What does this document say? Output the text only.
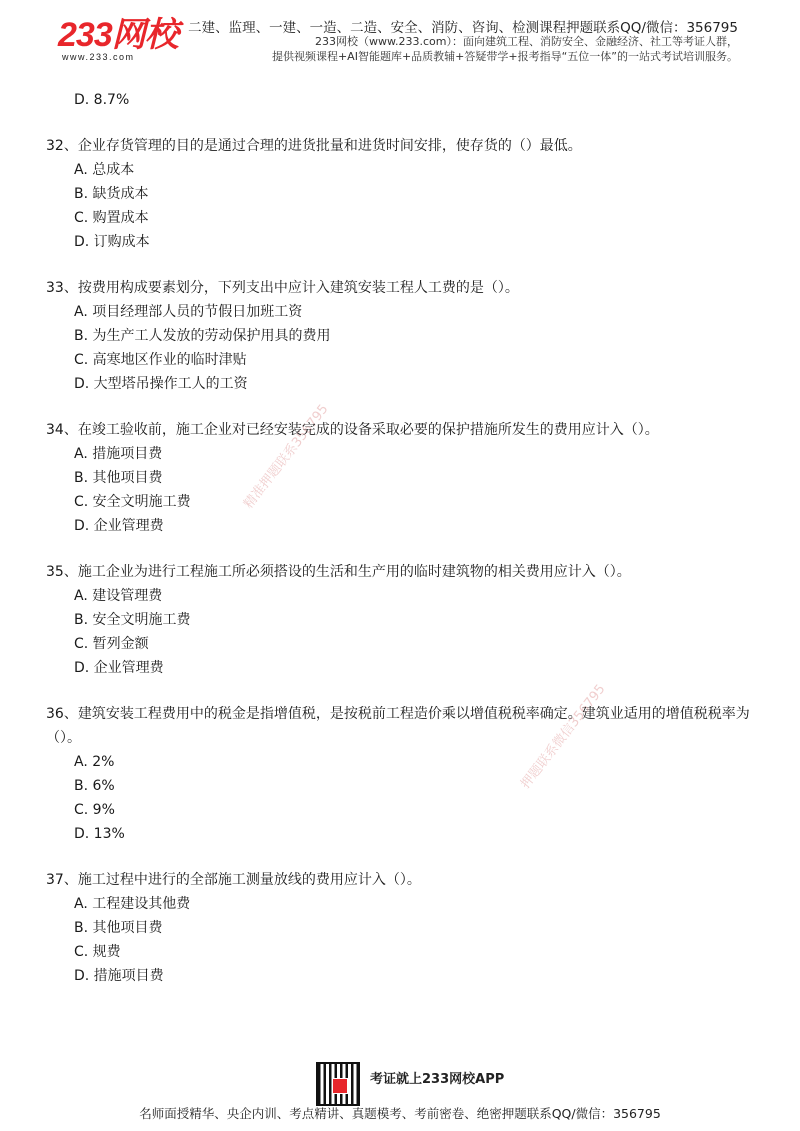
233网校
www.233.com
二建、监理、一建、一造、二造、安全、消防、咨询、检测课程押题联系QQ/微信：356795
233网校（www.233.com）：面向建筑工程、消防安全、金融经济、社工等考证人群，
提供视频课程+AI智能题库+品质教辅+答疑带学+报考指导“五位一体”的一站式考试培训服务。
精准押题联系356795
押题联系微信356795
D. 8.7%
32、企业存货管理的目的是通过合理的进货批量和进货时间安排，使存货的（）最低。
A. 总成本
B. 缺货成本
C. 购置成本
D. 订购成本
33、按费用构成要素划分，下列支出中应计入建筑安装工程人工费的是（）。
A. 项目经理部人员的节假日加班工资
B. 为生产工人发放的劳动保护用具的费用
C. 高寒地区作业的临时津贴
D. 大型塔吊操作工人的工资
34、在竣工验收前，施工企业对已经安装完成的设备采取必要的保护措施所发生的费用应计入（）。
A. 措施项目费
B. 其他项目费
C. 安全文明施工费
D. 企业管理费
35、施工企业为进行工程施工所必须搭设的生活和生产用的临时建筑物的相关费用应计入（）。
A. 建设管理费
B. 安全文明施工费
C. 暂列金额
D. 企业管理费
36、建筑安装工程费用中的税金是指增值税，是按税前工程造价乘以增值税税率确定。建筑业适用的增值税税率为（）。
A. 2%
B. 6%
C. 9%
D. 13%
37、施工过程中进行的全部施工测量放线的费用应计入（）。
A. 工程建设其他费
B. 其他项目费
C. 规费
D. 措施项目费
考证就上233网校APP
名师面授精华、央企内训、考点精讲、真题模考、考前密卷、绝密押题联系QQ/微信：356795
